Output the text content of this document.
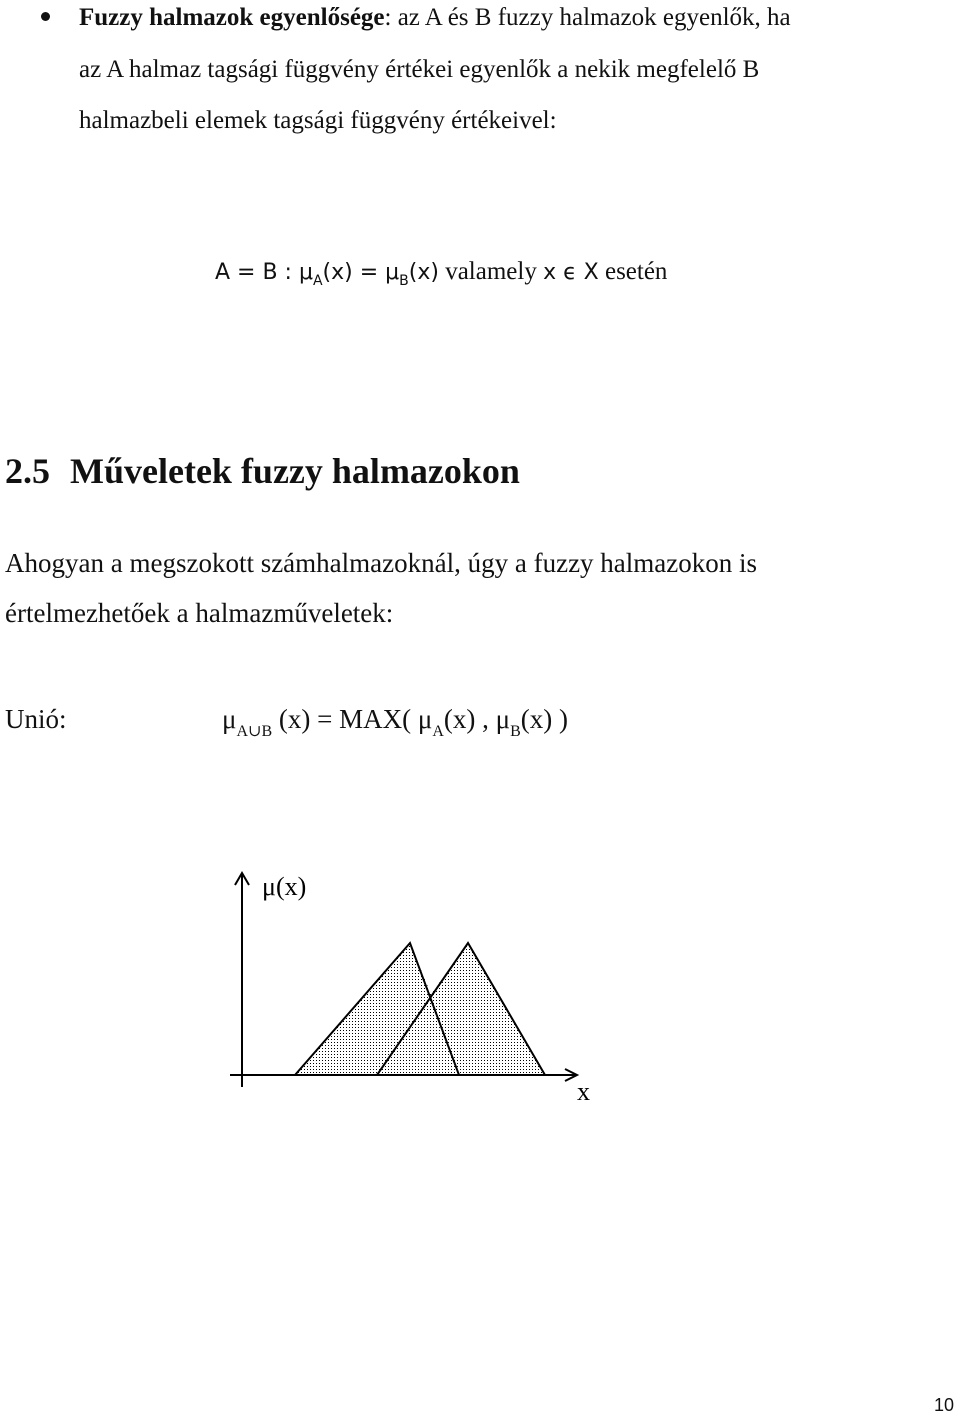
Fuzzy halmazok egyenlősége: az A és B fuzzy halmazok egyenlők, ha
az A halmaz tagsági függvény értékei egyenlők a nekik megfelelő B
halmazbeli elemek tagsági függvény értékeivel:
A = B : $\mu_A(x) = \mu_B(x)$ valamely x ϵ X esetén
2.5 Műveletek fuzzy halmazokon
Ahogyan a megszokott számhalmazoknál, úgy a fuzzy halmazokon is
értelmezhetőek a halmazműveletek:
Unió:	$\mu_{A\cup B}$ (x) = MAX( $\mu_A(x)$ , $\mu_B(x)$ )
μ(x)
x
10
